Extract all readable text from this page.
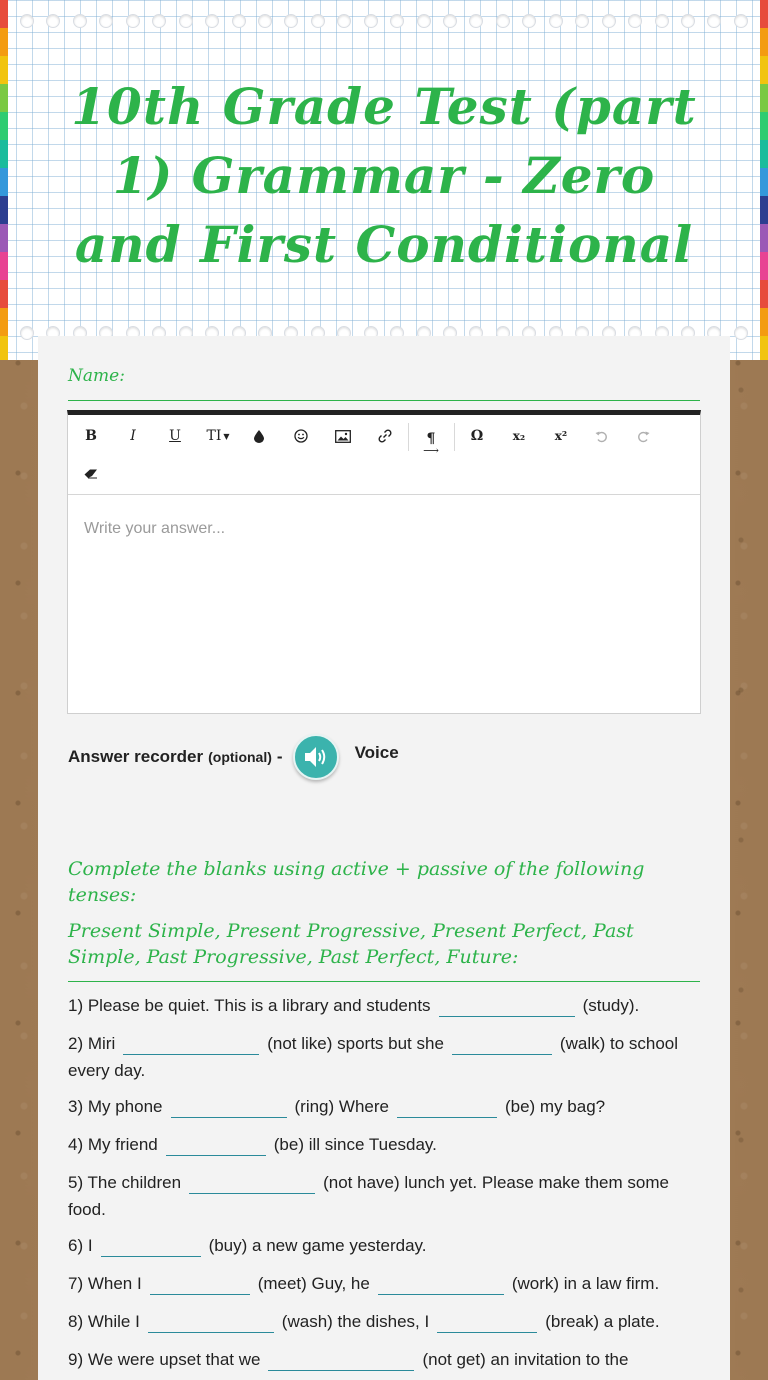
10th Grade Test (part 1) Grammar - Zero and First Conditional
Name:
B	I	U	TI ▼	¶
⟶
Ω	x₂	x²
Write your answer...
Answer recorder (optional) -	Voice
Complete the blanks using active + passive of the following tenses:
Present Simple, Present Progressive, Present Perfect, Past Simple, Past Progressive, Past Perfect, Future:
1) Please be quiet. This is a library and students	(study).
2) Miri	(not like) sports but she	(walk) to school every day.
3) My phone	(ring) Where	(be) my bag?
4) My friend	(be) ill since Tuesday.
5) The children	(not have) lunch yet. Please make them some food.
6) I	(buy) a new game yesterday.
7) When I	(meet) Guy, he	(work) in a law firm.
8) While I	(wash) the dishes, I	(break) a plate.
9) We were upset that we	(not get) an invitation to the
